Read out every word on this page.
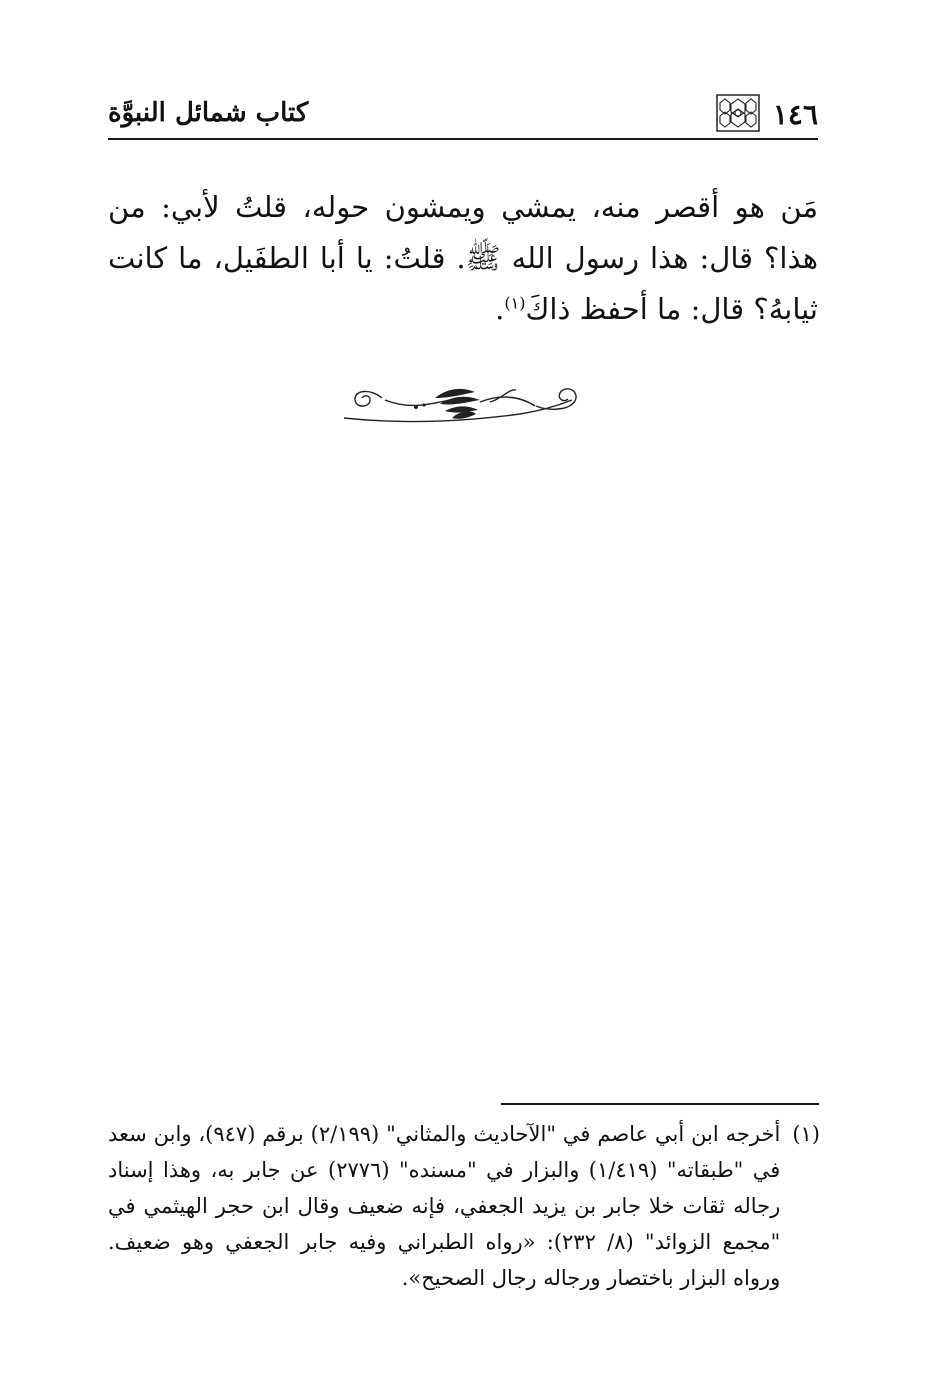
١٤٦
كتاب شمائل النبوَّة

مَن هو أقصر منه، يمشي ويمشون حوله، قلتُ لأبي: من هذا؟ قال: هذا رسول الله ﷺ. قلتُ: يا أبا الطفَيل، ما كانت ثيابهُ؟ قال: ما أحفظ ذاكَ$^{(١)}$.

(١)
أخرجه ابن أبي عاصم في "الآحاديث والمثاني" (٢/١٩٩) برقم (٩٤٧)، وابن سعد في "طبقاته" (١/٤١٩) والبزار في "مسنده" (٢٧٧٦) عن جابر به، وهذا إسناد رجاله ثقات خلا جابر بن يزيد الجعفي، فإنه ضعيف وقال ابن حجر الهيثمي في "مجمع الزوائد" (٨/ ٢٣٢): «رواه الطبراني وفيه جابر الجعفي وهو ضعيف. ورواه البزار باختصار ورجاله رجال الصحيح».
